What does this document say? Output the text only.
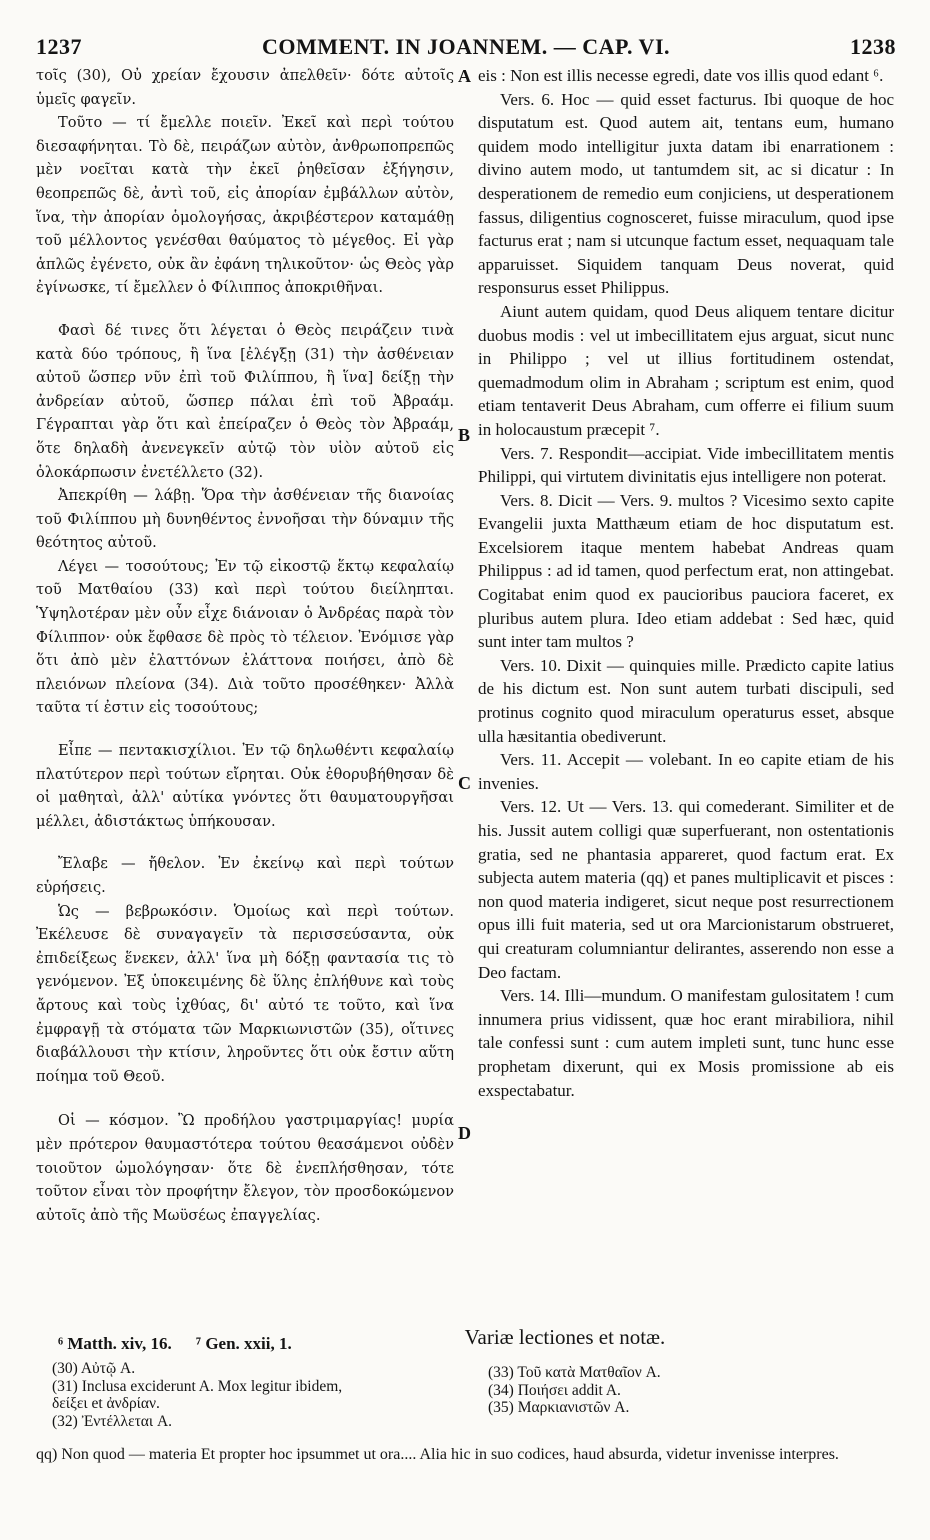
1237	COMMENT. IN JOANNEM. — CAP. VI.	1238

τοῖς (30), Οὐ χρείαν ἔχουσιν ἀπελθεῖν· δότε αὐτοῖς ὑμεῖς φαγεῖν.

Τοῦτο — τί ἔμελλε ποιεῖν. Ἐκεῖ καὶ περὶ τούτου διεσαφήνηται. Τὸ δὲ, πειράζων αὐτὸν, ἀνθρωποπρεπῶς μὲν νοεῖται κατὰ τὴν ἐκεῖ ῥηθεῖσαν ἐξήγησιν, θεοπρεπῶς δὲ, ἀντὶ τοῦ, εἰς ἀπορίαν ἐμβάλλων αὐτὸν, ἵνα, τὴν ἀπορίαν ὁμολογήσας, ἀκριβέστερον καταμάθῃ τοῦ μέλλοντος γενέσθαι θαύματος τὸ μέγεθος. Εἰ γὰρ ἁπλῶς ἐγένετο, οὐκ ἂν ἐφάνη τηλικοῦτον· ὡς Θεὸς γὰρ ἐγίνωσκε, τί ἔμελλεν ὁ Φίλιππος ἀποκριθῆναι.

Φασὶ δέ τινες ὅτι λέγεται ὁ Θεὸς πειράζειν τινὰ κατὰ δύο τρόπους, ἢ ἵνα [ἐλέγξῃ (31) τὴν ἀσθένειαν αὐτοῦ ὥσπερ νῦν ἐπὶ τοῦ Φιλίππου, ἢ ἵνα] δείξῃ τὴν ἀνδρείαν αὐτοῦ, ὥσπερ πάλαι ἐπὶ τοῦ Ἀβραάμ. Γέγραπται γὰρ ὅτι καὶ ἐπείραζεν ὁ Θεὸς τὸν Ἀβραάμ, ὅτε δηλαδὴ ἀνενεγκεῖν αὐτῷ τὸν υἱὸν αὐτοῦ εἰς ὁλοκάρπωσιν ἐνετέλλετο (32).

Ἀπεκρίθη — λάβῃ. Ὅρα τὴν ἀσθένειαν τῆς διανοίας τοῦ Φιλίππου μὴ δυνηθέντος ἐννοῆσαι τὴν δύναμιν τῆς θεότητος αὐτοῦ.

Λέγει — τοσούτους; Ἐν τῷ εἰκοστῷ ἕκτῳ κεφαλαίῳ τοῦ Ματθαίου (33) καὶ περὶ τούτου διείληπται. Ὑψηλοτέραν μὲν οὖν εἶχε διάνοιαν ὁ Ἀνδρέας παρὰ τὸν Φίλιππον· οὐκ ἔφθασε δὲ πρὸς τὸ τέλειον. Ἐνόμισε γὰρ ὅτι ἀπὸ μὲν ἐλαττόνων ἐλάττονα ποιήσει, ἀπὸ δὲ πλειόνων πλείονα (34). Διὰ τοῦτο προσέθηκεν· Ἀλλὰ ταῦτα τί ἐστιν εἰς τοσούτους;

Εἶπε — πεντακισχίλιοι. Ἐν τῷ δηλωθέντι κεφαλαίῳ πλατύτερον περὶ τούτων εἴρηται. Οὐκ ἐθορυβήθησαν δὲ οἱ μαθηταὶ, ἀλλ' αὐτίκα γνόντες ὅτι θαυματουργῆσαι μέλλει, ἀδιστάκτως ὑπήκουσαν.

Ἔλαβε — ἤθελον. Ἐν ἐκείνῳ καὶ περὶ τούτων εὑρήσεις.

Ὡς — βεβρωκόσιν. Ὁμοίως καὶ περὶ τούτων. Ἐκέλευσε δὲ συναγαγεῖν τὰ περισσεύσαντα, οὐκ ἐπιδείξεως ἕνεκεν, ἀλλ' ἵνα μὴ δόξῃ φαντασία τις τὸ γενόμενον. Ἐξ ὑποκειμένης δὲ ὕλης ἐπλήθυνε καὶ τοὺς ἄρτους καὶ τοὺς ἰχθύας, δι' αὐτό τε τοῦτο, καὶ ἵνα ἐμφραγῇ τὰ στόματα τῶν Μαρκιωνιστῶν (35), οἵτινες διαβάλλουσι τὴν κτίσιν, ληροῦντες ὅτι οὐκ ἔστιν αὕτη ποίημα τοῦ Θεοῦ.

Οἱ — κόσμον. Ὢ προδήλου γαστριμαργίας! μυρία μὲν πρότερον θαυμαστότερα τούτου θεασάμενοι οὐδὲν τοιοῦτον ὡμολόγησαν· ὅτε δὲ ἐνεπλήσθησαν, τότε τοῦτον εἶναι τὸν προφήτην ἔλεγον, τὸν προσδοκώμενον αὐτοῖς ἀπὸ τῆς Μωϋσέως ἐπαγγελίας.

eis : Non est illis necesse egredi, date vos illis quod edant ⁶.

Vers. 6. Hoc — quid esset facturus. Ibi quoque de hoc disputatum est. Quod autem ait, tentans eum, humano quidem modo intelligitur juxta datam ibi enarrationem : divino autem modo, ut tantumdem sit, ac si dicatur : In desperationem de remedio eum conjiciens, ut desperationem fassus, diligentius cognosceret, fuisse miraculum, quod ipse facturus erat ; nam si utcunque factum esset, nequaquam tale apparuisset. Siquidem tanquam Deus noverat, quid responsurus esset Philippus.

Aiunt autem quidam, quod Deus aliquem tentare dicitur duobus modis : vel ut imbecillitatem ejus arguat, sicut nunc in Philippo ; vel ut illius fortitudinem ostendat, quemadmodum olim in Abraham ; scriptum est enim, quod etiam tentaverit Deus Abraham, cum offerre ei filium suum in holocaustum præcepit ⁷.

Vers. 7. Respondit—accipiat. Vide imbecillitatem mentis Philippi, qui virtutem divinitatis ejus intelligere non poterat.

Vers. 8. Dicit — Vers. 9. multos ? Vicesimo sexto capite Evangelii juxta Matthæum etiam de hoc disputatum est. Excelsiorem itaque mentem habebat Andreas quam Philippus : ad id tamen, quod perfectum erat, non attingebat. Cogitabat enim quod ex paucioribus pauciora faceret, ex pluribus autem plura. Ideo etiam addebat : Sed hæc, quid sunt inter tam multos ?

Vers. 10. Dixit — quinquies mille. Prædicto capite latius de his dictum est. Non sunt autem turbati discipuli, sed protinus cognito quod miraculum operaturus esset, absque ulla hæsitantia obediverunt.

Vers. 11. Accepit — volebant. In eo capite etiam de his invenies.

Vers. 12. Ut — Vers. 13. qui comederant. Similiter et de his. Jussit autem colligi quæ superfuerant, non ostentationis gratia, sed ne phantasia appareret, quod factum erat. Ex subjecta autem materia (qq) et panes multiplicavit et pisces : non quod materia indigeret, sicut neque post resurrectionem opus illi fuit materia, sed ut ora Marcionistarum obstrueret, qui creaturam columniantur delirantes, asserendo non esse a Deo factam.

Vers. 14. Illi—mundum. O manifestam gulositatem ! cum innumera prius vidissent, quæ hoc erant mirabiliora, nihil tale confessi sunt : cum autem impleti sunt, tunc hunc esse prophetam dixerunt, qui ex Mosis promissione ab eis exspectabatur.

A
B
C
D
⁶ Matth. xiv, 16. ⁷ Gen. xxii, 1.	Variæ lectiones et notæ.
(30) Αὐτῷ A.
(31) Inclusa exciderunt A. Mox legitur ibidem,
δείξει et ἀνδρίαν.
(32) Ἐντέλλεται A.
(33) Τοῦ κατὰ Ματθαῖον A.
(34) Ποιήσει addit A.
(35) Μαρκιανιστῶν A.
qq) Non quod — materia Et propter hoc ipsummet ut ora.... Alia hic in suo codices, haud absurda, videtur invenisse interpres.
